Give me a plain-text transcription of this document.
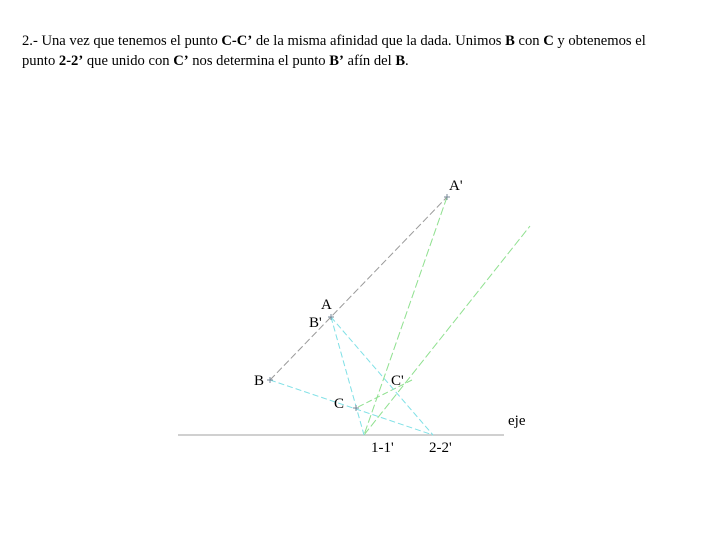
2.- Una vez que tenemos el punto C-C’ de la misma afinidad que la dada. Unimos B con C y obtenemos el
punto 2-2’ que unido con C’ nos determina el punto B’ afín del B.
A'
A
B'
B	C'
C
1-1' 2-2'
eje
